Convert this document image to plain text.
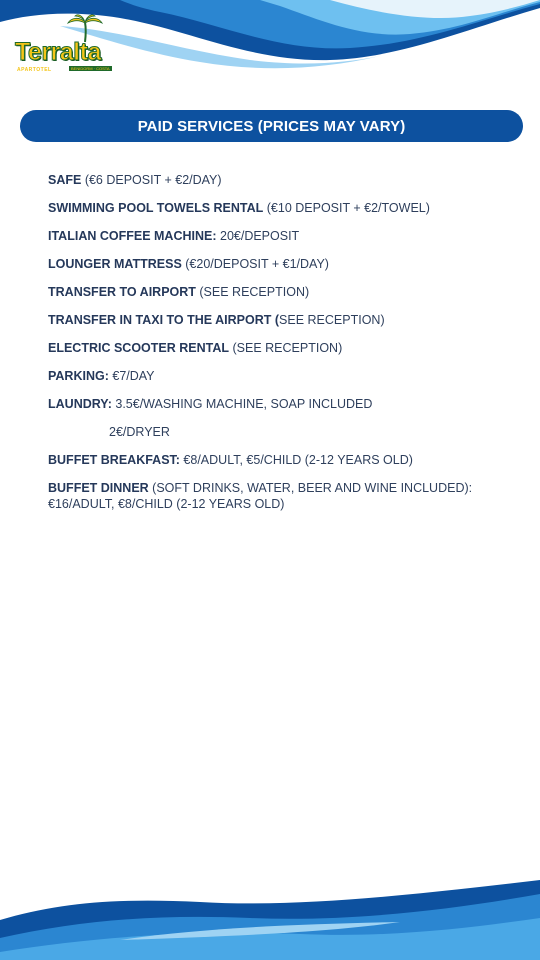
Terralta
APARTOTEL	BENIDORM · COSTA
PAID SERVICES (PRICES MAY VARY)
SAFE (€6 DEPOSIT + €2/DAY)
SWIMMING POOL TOWELS RENTAL (€10 DEPOSIT + €2/TOWEL)
ITALIAN COFFEE MACHINE: 20€/DEPOSIT
LOUNGER MATTRESS (€20/DEPOSIT + €1/DAY)
TRANSFER TO AIRPORT (SEE RECEPTION)
TRANSFER IN TAXI TO THE AIRPORT (SEE RECEPTION)
ELECTRIC SCOOTER RENTAL (SEE RECEPTION)
PARKING: €7/DAY
LAUNDRY: 3.5€/WASHING MACHINE, SOAP INCLUDED
2€/DRYER
BUFFET BREAKFAST: €8/ADULT, €5/CHILD (2-12 YEARS OLD)
BUFFET DINNER (SOFT DRINKS, WATER, BEER AND WINE INCLUDED): €16/ADULT, €8/CHILD (2-12 YEARS OLD)
